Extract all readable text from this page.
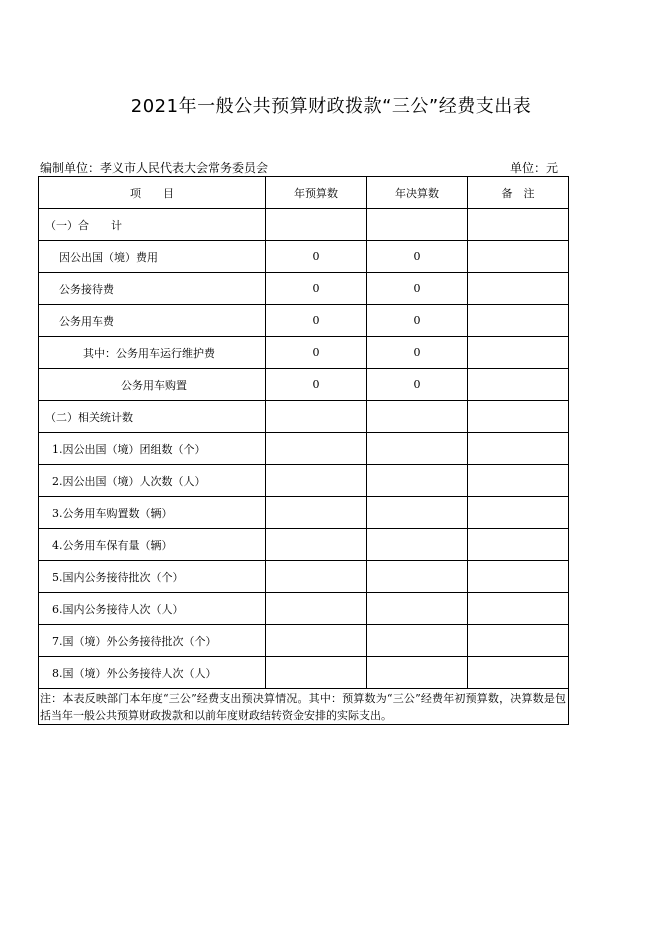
2021年一般公共预算财政拨款“三公”经费支出表
编制单位：孝义市人民代表大会常务委员会	单位：元
项　　目	年预算数	年决算数	备　注
（一）合　　计			
因公出国（境）费用	0	0	
公务接待费	0	0	
公务用车费	0	0	
其中：公务用车运行维护费	0	0	
公务用车购置	0	0	
（二）相关统计数			
1.因公出国（境）团组数（个）			
2.因公出国（境）人次数（人）			
3.公务用车购置数（辆）			
4.公务用车保有量（辆）			
5.国内公务接待批次（个）			
6.国内公务接待人次（人）			
7.国（境）外公务接待批次（个）			
8.国（境）外公务接待人次（人）			
注：本表反映部门本年度“三公”经费支出预决算情况。其中：预算数为“三公”经费年初预算数，决算数是包括当年一般公共预算财政拨款和以前年度财政结转资金安排的实际支出。			
